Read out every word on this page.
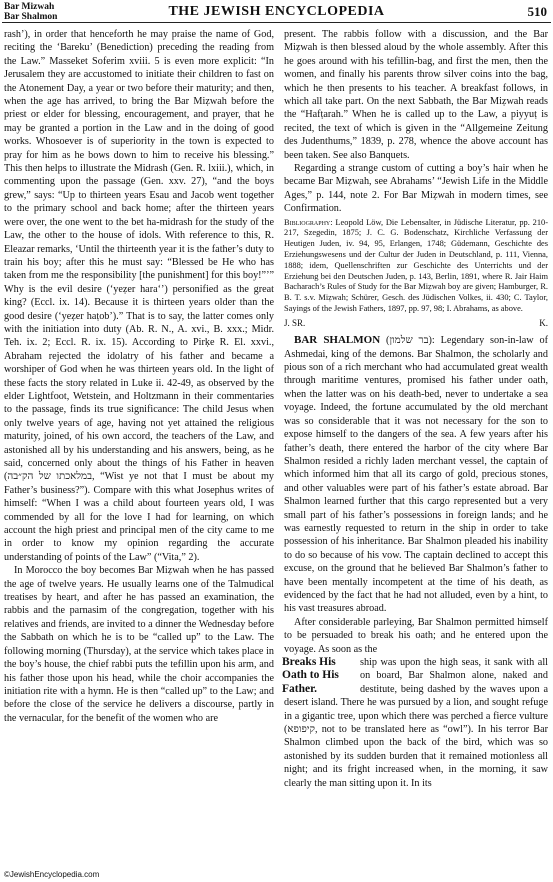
Bar Mizwah
Bar Shalmon	THE JEWISH ENCYCLOPEDIA	510

rash’), in order that henceforth he may praise the name of God, reciting the ‘Bareku’ (Benediction) preceding the reading from the Law.” Masseket Soferim xviii. 5 is even more explicit: “In Jerusalem they are accustomed to initiate their children to fast on the Atonement Day, a year or two before their maturity; and then, when the age has arrived, to bring the Bar Miẓwah before the priest or elder for blessing, encouragement, and prayer, that he may be granted a portion in the Law and in the doing of good works. Whosoever is of superiority in the town is expected to pray for him as he bows down to him to receive his blessing.” This then helps to illustrate the Midrash (Gen. R. lxiii.), which, in commenting upon the passage (Gen. xxv. 27), “and the boys grew,” says: “Up to thirteen years Esau and Jacob went together to the primary school and back home; after the thirteen years were over, the one went to the bet ha-midrash for the study of the Law, the other to the house of idols. With reference to this, R. Eleazar remarks, ‘Until the thirteenth year it is the father’s duty to train his boy; after this he must say: “Blessed be He who has taken from me the responsibility [the punishment] for this boy!”’” Why is the evil desire (‘yeẓer hara‘’) personified as the great king? (Eccl. ix. 14). Because it is thirteen years older than the good desire (‘yeẓer haṭob’).” That is to say, the latter comes only with the initiation into duty (Ab. R. N., A. xvi., B. xxx.; Midr. Teh. ix. 2; Eccl. R. ix. 15). According to Pirḳe R. El. xxvi., Abraham rejected the idolatry of his father and became a worshiper of God when he was thirteen years old. In the light of these facts the story related in Luke ii. 42-49, as observed by the elder Lightfoot, Wetstein, and Holtzmann in their commentaries to the passage, finds its true significance: The child Jesus when only twelve years of age, having not yet attained the religious maturity, joined, of his own accord, the teachers of the Law, and astonished all by his understanding and his answers, being, as he said, concerned only about the things of his Father in heaven (במלאכתו של הק״בה, “Wist ye not that I must be about my Father’s business?”). Compare with this what Josephus writes of himself: “When I was a child about fourteen years old, I was commended by all for the love I had for learning, on which account the high priest and principal men of the city came to me in order to know my opinion regarding the accurate understanding of points of the Law” (“Vita,” 2).

In Morocco the boy becomes Bar Miẓwah when he has passed the age of twelve years. He usually learns one of the Talmudical treatises by heart, and after he has passed an examination, the rabbis and the parnasim of the congregation, together with his relatives and friends, are invited to a dinner the Wednesday before the Sabbath on which he is to be “called up” to the Law. The following morning (Thursday), at the service which takes place in the boy’s house, the chief rabbi puts the tefillin upon his arm, and his father those upon his head, while the choir accompanies the initiation rite with a hymn. He is then “called up” to the Law; and before the close of the service he delivers a discourse, partly in the vernacular, for the benefit of the women who are

present. The rabbis follow with a discussion, and the Bar Miẓwah is then blessed aloud by the whole assembly. After this he goes around with his tefillin-bag, and first the men, then the women, and finally his parents throw silver coins into the bag, which he then presents to his teacher. A breakfast follows, in which all take part. On the next Sabbath, the Bar Miẓwah reads the “Hafṭarah.” When he is called up to the Law, a piyyuṭ is recited, the text of which is given in the “Allgemeine Zeitung des Judenthums,” 1839, p. 278, whence the above account has been taken. See also Banquets.

Regarding a strange custom of cutting a boy’s hair when he became Bar Miẓwah, see Abrahams’ “Jewish Life in the Middle Ages,” p. 144, note 2. For Bar Miẓwah in modern times, see Confirmation.

Bibliography: Leopold Löw, Die Lebensalter, in Jüdische Literatur, pp. 210-217, Szegedin, 1875; J. C. G. Bodenschatz, Kirchliche Verfassung der Heutigen Juden, iv. 94, 95, Erlangen, 1748; Güdemann, Geschichte des Erziehungswesens und der Cultur der Juden in Deutschland, p. 111, Vienna, 1888; idem, Quellenschriften zur Geschichte des Unterrichts und der Erziehung bei den Deutschen Juden, p. 143, Berlin, 1891, where R. Jair Haim Bacharach’s Rules of Study for the Bar Miẓwah boy are given; Hamburger, R. B. T. s.v. Miẓwah; Schürer, Gesch. des Jüdischen Volkes, ii. 430; C. Taylor, Sayings of the Jewish Fathers, 1897, pp. 97, 98; I. Abrahams, as above.

J. SR.	K.

BAR SHALMON (בר שלמון): Legendary son-in-law of Ashmedai, king of the demons. Bar Shalmon, the scholarly and pious son of a rich merchant who had accumulated great wealth through maritime ventures, promised his father under oath, when the latter was on his death-bed, never to undertake a sea voyage. Indeed, the fortune accumulated by the old merchant was so considerable that it was not necessary for the son to expose himself to the dangers of the sea. A few years after his father’s death, there entered the harbor of the city where Bar Shalmon resided a richly laden merchant vessel, the captain of which informed him that all its cargo of gold, precious stones, and other valuables were part of his father’s estate abroad. Bar Shalmon learned further that this cargo represented but a very small part of his father’s possessions in foreign lands; and he was earnestly requested to return in the ship in order to take possession of his inheritance. Bar Shalmon pleaded his inability to do so because of his vow. The captain declined to accept this excuse, on the ground that he believed Bar Shalmon’s father to have been mentally incompetent at the time of his death, as evidenced by the fact that he had not alluded, even by a hint, to his vast treasures abroad.

After considerable parleying, Bar Shalmon permitted himself to be persuaded to break his oath; and he entered upon the voyage. As soon as the

Breaks His Oath to His Father.
ship was upon the high seas, it sank with all on board, Bar Shalmon alone, naked and destitute, being dashed by the waves upon a desert island. There he was pursued by a lion, and sought refuge in a gigantic tree, upon which there was perched a fierce vulture (קיפופא, not to be translated here as “owl”). In his terror Bar Shalmon climbed upon the back of the bird, which was so astonished by its sudden burden that it remained motionless all night; and its fright increased when, in the morning, it saw clearly the man sitting upon it. In its

©JewishEncyclopedia.com
